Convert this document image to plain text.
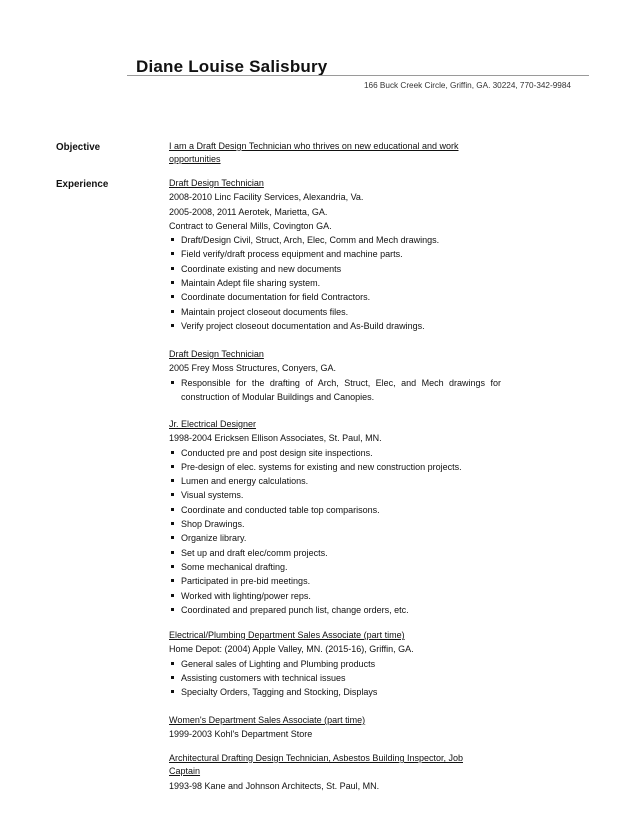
Diane Louise Salisbury
166 Buck Creek Circle, Griffin, GA. 30224, 770-342-9984
Objective	I am a Draft Design Technician who thrives on new educational and work
opportunities
Experience	Draft Design Technician
2008-2010 Linc Facility Services, Alexandria, Va.
2005-2008, 2011 Aerotek, Marietta, GA.
Contract to General Mills, Covington GA.
Draft/Design Civil, Struct, Arch, Elec, Comm and Mech drawings.
Field verify/draft process equipment and machine parts.
Coordinate existing and new documents
Maintain Adept file sharing system.
Coordinate documentation for field Contractors.
Maintain project closeout documents files.
Verify project closeout documentation and As-Build drawings.
Draft Design Technician
2005 Frey Moss Structures, Conyers, GA.
Responsible for the drafting of Arch, Struct, Elec, and Mech drawings for construction of Modular Buildings and Canopies.
Jr. Electrical Designer
1998-2004 Ericksen Ellison Associates, St. Paul, MN.
Conducted pre and post design site inspections.
Pre-design of elec. systems for existing and new construction projects.
Lumen and energy calculations.
Visual systems.
Coordinate and conducted table top comparisons.
Shop Drawings.
Organize library.
Set up and draft elec/comm projects.
Some mechanical drafting.
Participated in pre-bid meetings.
Worked with lighting/power reps.
Coordinated and prepared punch list, change orders, etc.
Electrical/Plumbing Department Sales Associate (part time)
Home Depot: (2004) Apple Valley, MN. (2015-16), Griffin, GA.
General sales of Lighting and Plumbing products
Assisting customers with technical issues
Specialty Orders, Tagging and Stocking, Displays
Women's Department Sales Associate (part time)
1999-2003 Kohl's Department Store
Architectural Drafting Design Technician, Asbestos Building Inspector, Job
Captain
1993-98 Kane and Johnson Architects, St. Paul, MN.
